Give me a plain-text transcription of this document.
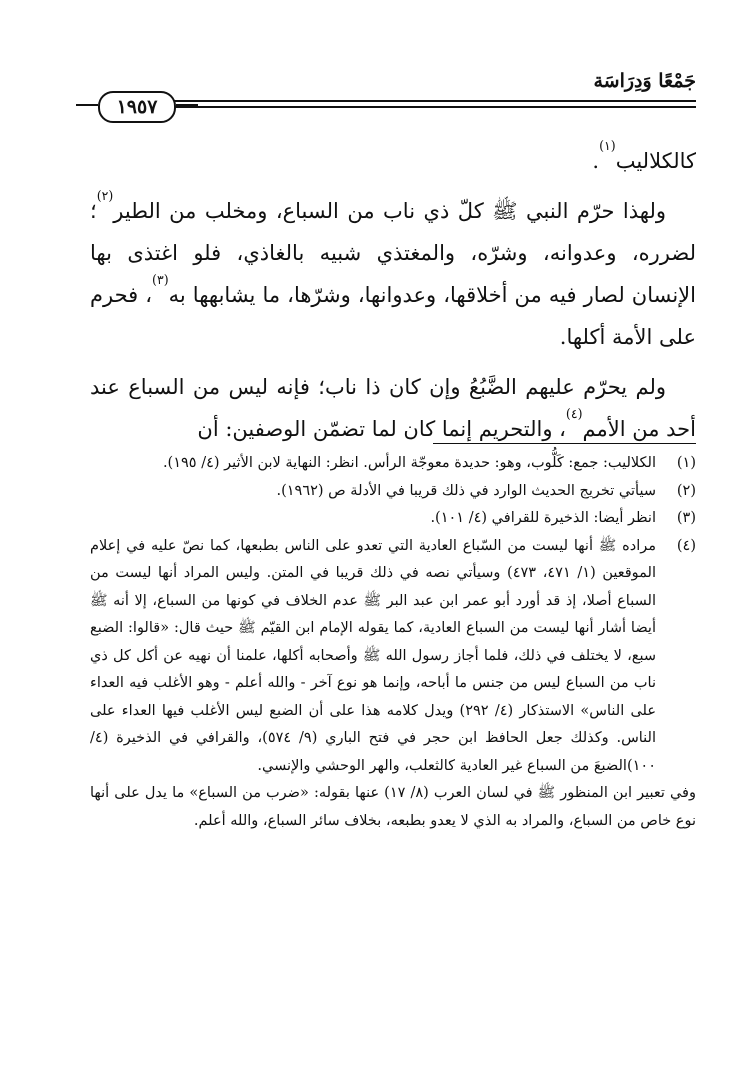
جَمْعًا وَدِرَاسَة
١٩٥٧

كالكلاليب$^{(١)}$.

ولهذا حرّم النبي ﷺ كلّ ذي ناب من السباع، ومخلب من الطير$^{(٢)}$؛ لضرره، وعدوانه، وشرّه، والمغتذي شبيه بالغاذي، فلو اغتذى بها الإنسان لصار فيه من أخلاقها، وعدوانها، وشرّها، ما يشابهها به$^{(٣)}$، فحرم على الأمة أكلها.

ولم يحرّم عليهم الضَّبُعُ وإن كان ذا ناب؛ فإنه ليس من السباع عند أحد من الأمم$^{(٤)}$، والتحريم إنما كان لما تضمّن الوصفين: أن

(١)
الكلاليب: جمع: كَلُّوب، وهو: حديدة معوجّة الرأس. انظر: النهاية لابن الأثير (٤/ ١٩٥).
(٢)
سيأتي تخريج الحديث الوارد في ذلك قريبا في الأدلة ص (١٩٦٢).
(٣)
انظر أيضا: الذخيرة للقرافي (٤/ ١٠١).
(٤)
مراده ﷺ أنها ليست من السّباع العادية التي تعدو على الناس بطبعها، كما نصّ عليه في إعلام الموقعين (١/ ٤٧١، ٤٧٣) وسيأتي نصه في ذلك قريبا في المتن. وليس المراد أنها ليست من السباع أصلا، إذ قد أورد أبو عمر ابن عبد البر ﷺ عدم الخلاف في كونها من السباع، إلا أنه ﷺ أيضا أشار أنها ليست من السباع العادية، كما يقوله الإمام ابن القيّم ﷺ حيث قال: «قالوا: الضبع سبع، لا يختلف في ذلك، فلما أجاز رسول الله ﷺ وأصحابه أكلها، علمنا أن نهيه عن أكل كل ذي ناب من السباع ليس من جنس ما أباحه، وإنما هو نوع آخر - والله أعلم - وهو الأغلب فيه العداء على الناس» الاستذكار (٤/ ٢٩٢) ويدل كلامه هذا على أن الضبع ليس الأغلب فيها العداء على الناس. وكذلك جعل الحافظ ابن حجر في فتح الباري (٩/ ٥٧٤)، والقرافي في الذخيرة (٤/ ١٠٠)الضبعَ من السباع غير العادية كالثعلب، والهر الوحشي والإنسي.

وفي تعبير ابن المنظور ﷺ في لسان العرب (٨/ ١٧) عنها بقوله: «ضرب من السباع» ما يدل على أنها نوع خاص من السباع، والمراد به الذي لا يعدو بطبعه، بخلاف سائر السباع، والله أعلم.
